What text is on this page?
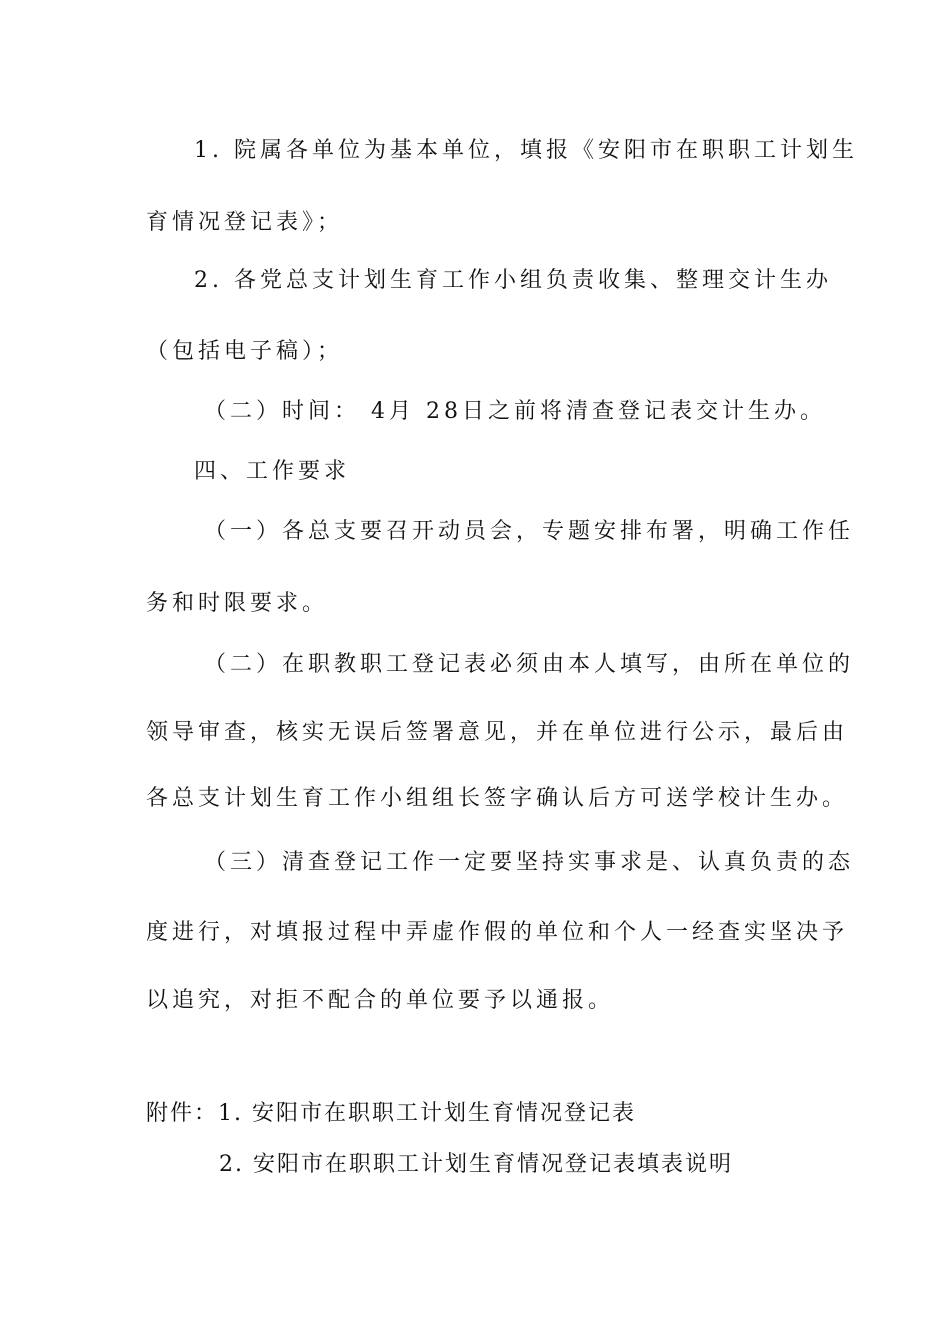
1. 院属各单位为基本单位，填报《安阳市在职职工计划生
育情况登记表》；
2. 各党总支计划生育工作小组负责收集、整理交计生办
（包括电子稿）；
（二）时间： 4月 28日之前将清查登记表交计生办。
四、工作要求
（一）各总支要召开动员会，专题安排布署，明确工作任
务和时限要求。
（二）在职教职工登记表必须由本人填写，由所在单位的
领导审查，核实无误后签署意见，并在单位进行公示，最后由
各总支计划生育工作小组组长签字确认后方可送学校计生办。
（三）清查登记工作一定要坚持实事求是、认真负责的态
度进行，对填报过程中弄虚作假的单位和个人一经查实坚决予
以追究，对拒不配合的单位要予以通报。
附件：1. 安阳市在职职工计划生育情况登记表
2. 安阳市在职职工计划生育情况登记表填表说明
